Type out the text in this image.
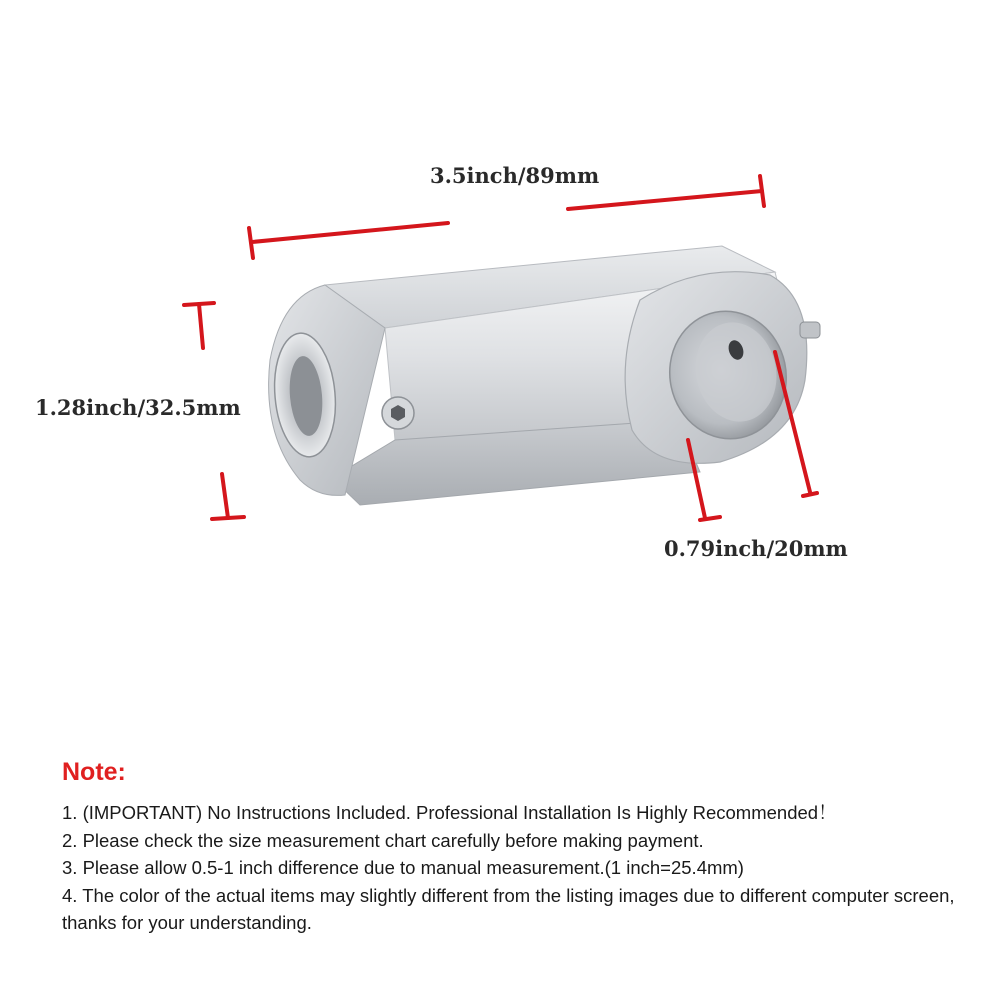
3.5inch/89mm
1.28inch/32.5mm
0.79inch/20mm
Note:
1. (IMPORTANT) No Instructions Included. Professional Installation Is Highly Recommended！
2. Please check the size measurement chart carefully before making payment.
3. Please allow 0.5-1 inch difference due to manual measurement.(1 inch=25.4mm)
4. The color of the actual items may slightly different from the listing images due to different computer screen, thanks for your understanding.
